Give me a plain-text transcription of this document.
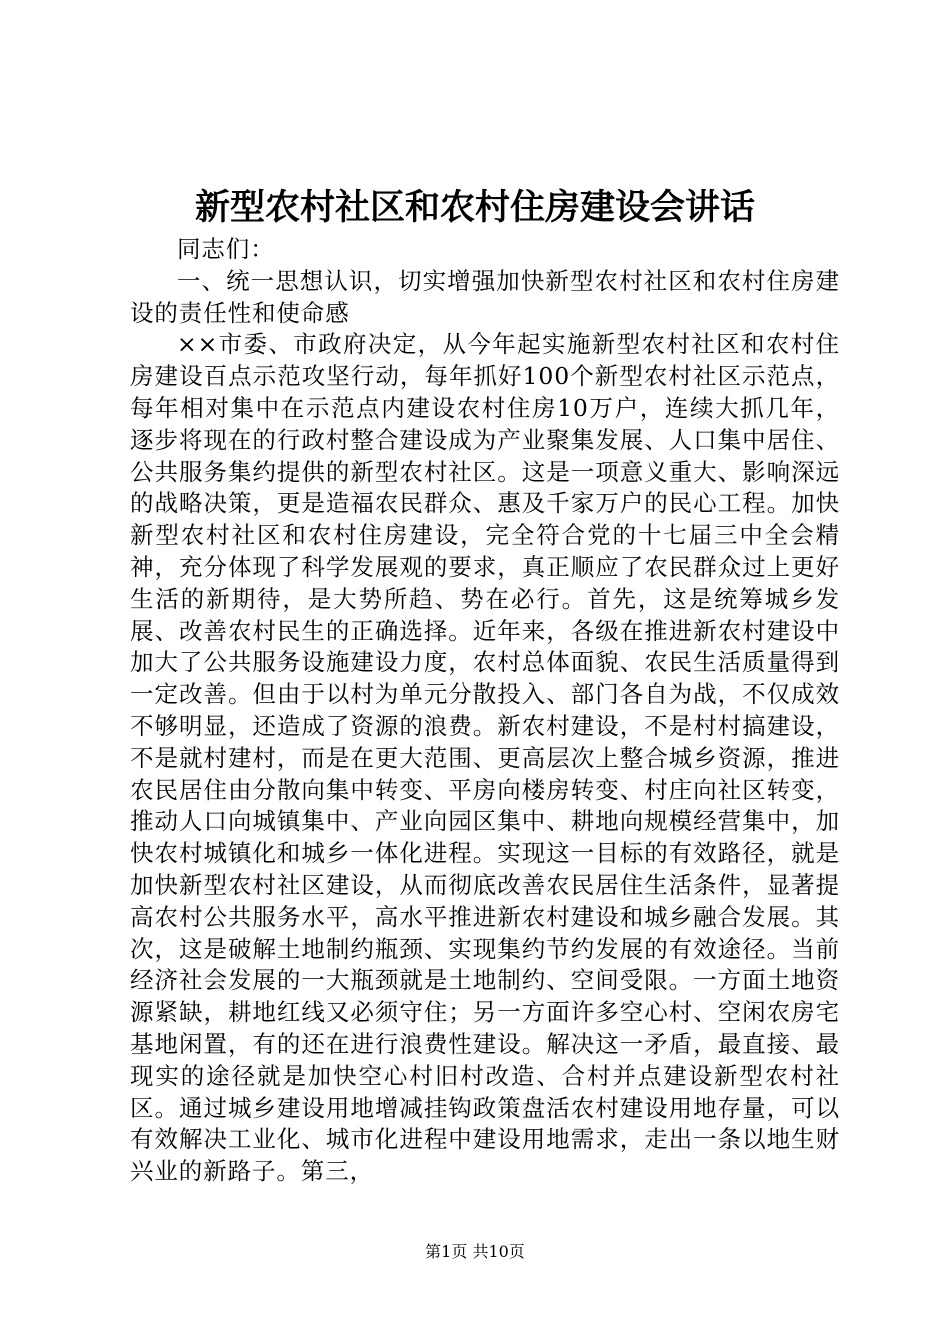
新型农村社区和农村住房建设会讲话

同志们：

一、统一思想认识，切实增强加快新型农村社区和农村住房建设的责任性和使命感

××市委、市政府决定，从今年起实施新型农村社区和农村住房建设百点示范攻坚行动，每年抓好100个新型农村社区示范点，每年相对集中在示范点内建设农村住房10万户，连续大抓几年，逐步将现在的行政村整合建设成为产业聚集发展、人口集中居住、公共服务集约提供的新型农村社区。这是一项意义重大、影响深远的战略决策，更是造福农民群众、惠及千家万户的民心工程。加快新型农村社区和农村住房建设，完全符合党的十七届三中全会精神，充分体现了科学发展观的要求，真正顺应了农民群众过上更好生活的新期待，是大势所趋、势在必行。首先，这是统筹城乡发展、改善农村民生的正确选择。近年来，各级在推进新农村建设中加大了公共服务设施建设力度，农村总体面貌、农民生活质量得到一定改善。但由于以村为单元分散投入、部门各自为战，不仅成效不够明显，还造成了资源的浪费。新农村建设，不是村村搞建设，不是就村建村，而是在更大范围、更高层次上整合城乡资源，推进农民居住由分散向集中转变、平房向楼房转变、村庄向社区转变，推动人口向城镇集中、产业向园区集中、耕地向规模经营集中，加快农村城镇化和城乡一体化进程。实现这一目标的有效路径，就是加快新型农村社区建设，从而彻底改善农民居住生活条件，显著提高农村公共服务水平，高水平推进新农村建设和城乡融合发展。其次，这是破解土地制约瓶颈、实现集约节约发展的有效途径。当前经济社会发展的一大瓶颈就是土地制约、空间受限。一方面土地资源紧缺，耕地红线又必须守住；另一方面许多空心村、空闲农房宅基地闲置，有的还在进行浪费性建设。解决这一矛盾，最直接、最现实的途径就是加快空心村旧村改造、合村并点建设新型农村社区。通过城乡建设用地增减挂钩政策盘活农村建设用地存量，可以有效解决工业化、城市化进程中建设用地需求，走出一条以地生财兴业的新路子。第三，

第1页 共10页
